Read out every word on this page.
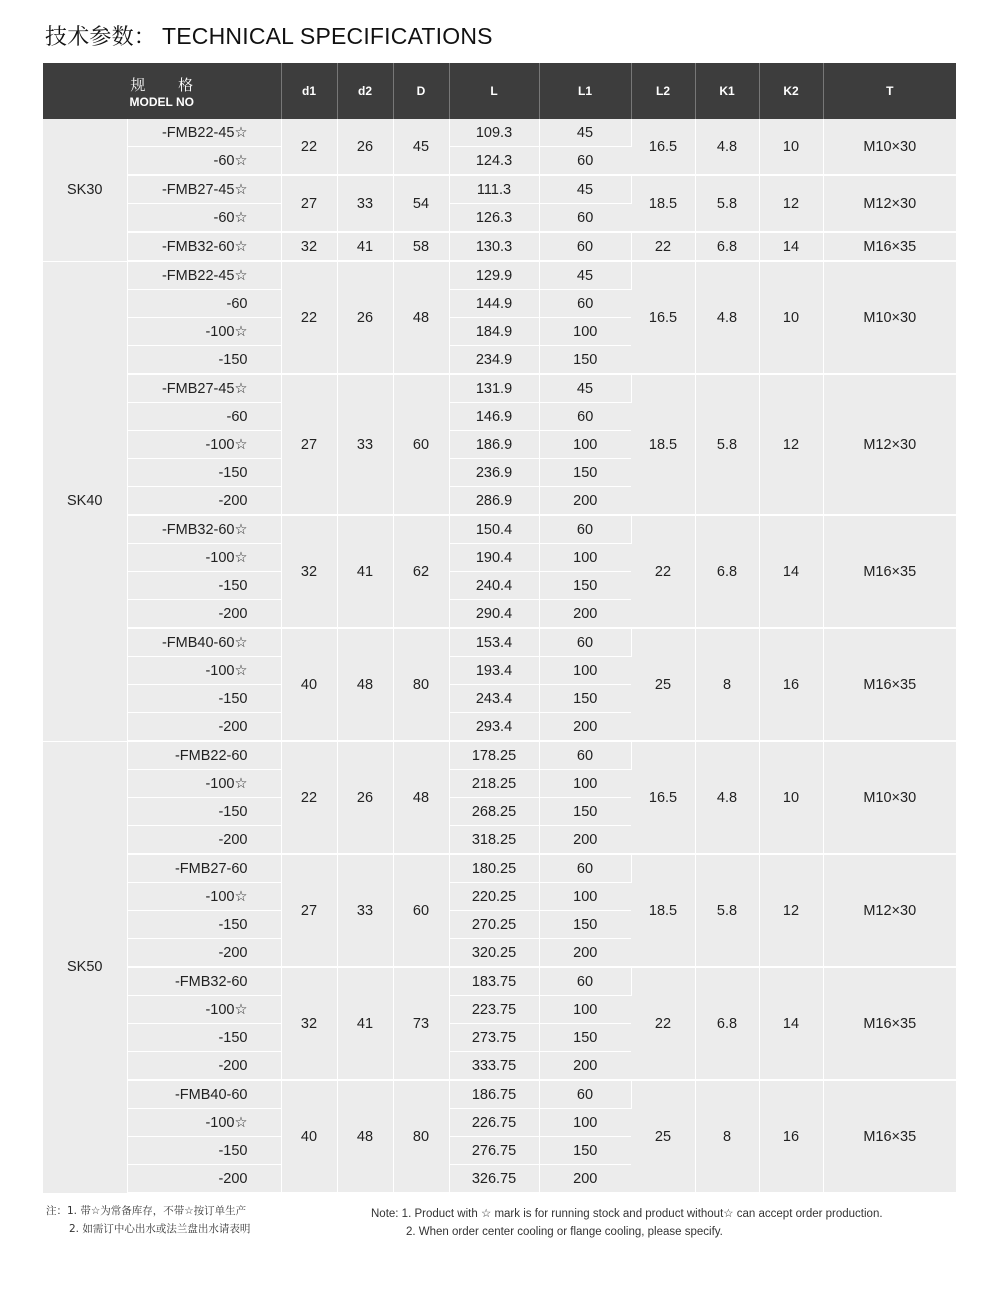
技术参数： TECHNICAL SPECIFICATIONS
规 格
MODEL NO		d1	d2	D	L	L1	L2	K1	K2	T
SK30	-FMB22-45☆	22	26	45	109.3	45	16.5	4.8	10	M10×30
	-60☆				124.3	60				
	-FMB27-45☆	27	33	54	111.3	45	18.5	5.8	12	M12×30
	-60☆				126.3	60				
	-FMB32-60☆	32	41	58	130.3	60	22	6.8	14	M16×35
SK40	-FMB22-45☆	22	26	48	129.9	45	16.5	4.8	10	M10×30
	-60				144.9	60				
	-100☆				184.9	100				
	-150				234.9	150				
	-FMB27-45☆	27	33	60	131.9	45	18.5	5.8	12	M12×30
	-60				146.9	60				
	-100☆				186.9	100				
	-150				236.9	150				
	-200				286.9	200				
	-FMB32-60☆	32	41	62	150.4	60	22	6.8	14	M16×35
	-100☆				190.4	100				
	-150				240.4	150				
	-200				290.4	200				
	-FMB40-60☆	40	48	80	153.4	60	25	8	16	M16×35
	-100☆				193.4	100				
	-150				243.4	150				
	-200				293.4	200				
SK50	-FMB22-60	22	26	48	178.25	60	16.5	4.8	10	M10×30
	-100☆				218.25	100				
	-150				268.25	150				
	-200				318.25	200				
	-FMB27-60	27	33	60	180.25	60	18.5	5.8	12	M12×30
	-100☆				220.25	100				
	-150				270.25	150				
	-200				320.25	200				
	-FMB32-60	32	41	73	183.75	60	22	6.8	14	M16×35
	-100☆				223.75	100				
	-150				273.75	150				
	-200				333.75	200				
	-FMB40-60	40	48	80	186.75	60	25	8	16	M16×35
	-100☆				226.75	100				
	-150				276.75	150				
	-200				326.75	200				
注：1. 带☆为常备库存，不带☆按订单生产
2. 如需订中心出水或法兰盘出水请表明
Note: 1. Product with ☆ mark is for running stock and product without☆ can accept order production.
2. When order center cooling or flange cooling, please specify.
